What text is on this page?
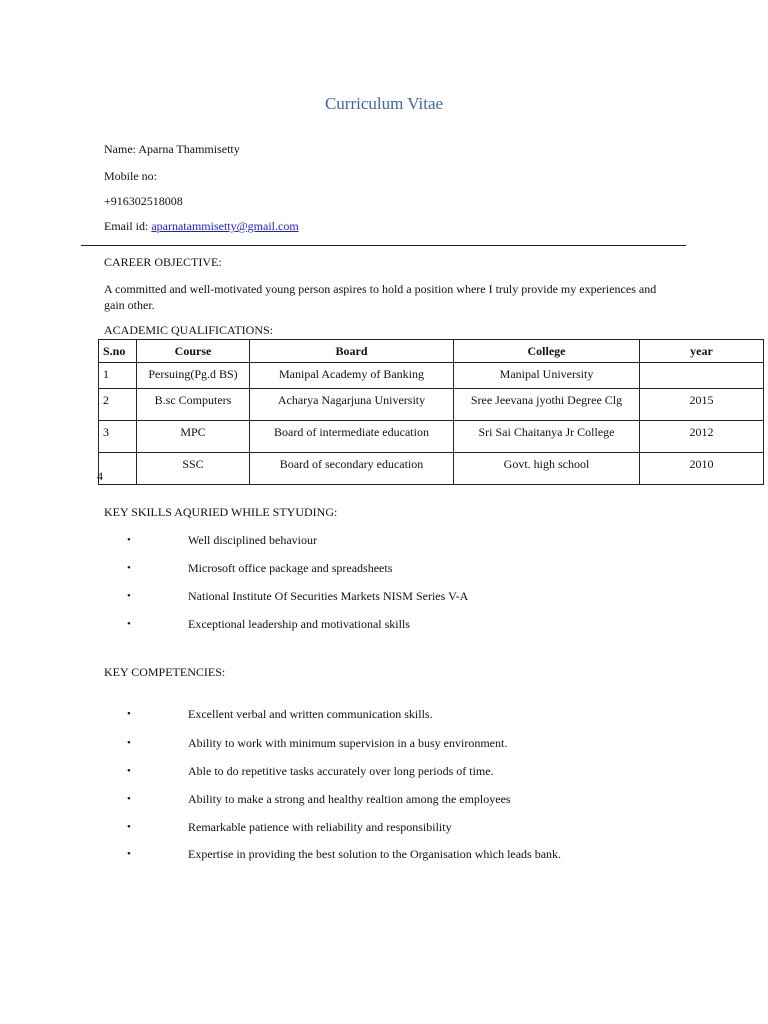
Curriculum Vitae
Name: Aparna Thammisetty
Mobile no:
+916302518008
Email id: aparnatammisetty@gmail.com
CAREER OBJECTIVE:
A committed and well-motivated young person aspires to hold a position where I truly provide my experiences and gain other.
ACADEMIC QUALIFICATIONS:
S.no	Course	Board	College	year
1	Persuing(Pg.d BS)	Manipal Academy of Banking	Manipal University	
2	B.sc Computers	Acharya Nagarjuna University	Sree Jeevana jyothi Degree Clg	2015
3	MPC	Board of intermediate education	Sri Sai Chaitanya Jr College	2012
	SSC	Board of secondary education	Govt. high school	2010
4
KEY SKILLS AQURIED WHILE STYUDING:
•	Well disciplined behaviour
•	Microsoft office package and spreadsheets
•	National Institute Of Securities Markets NISM Series V-A
•	Exceptional leadership and motivational skills
KEY COMPETENCIES:
•	Excellent verbal and written communication skills.
•	Ability to work with minimum supervision in a busy environment.
•	Able to do repetitive tasks accurately over long periods of time.
•	Ability to make a strong and healthy realtion among the employees
•	Remarkable patience with reliability and responsibility
•	Expertise in providing the best solution to the Organisation which leads bank.
